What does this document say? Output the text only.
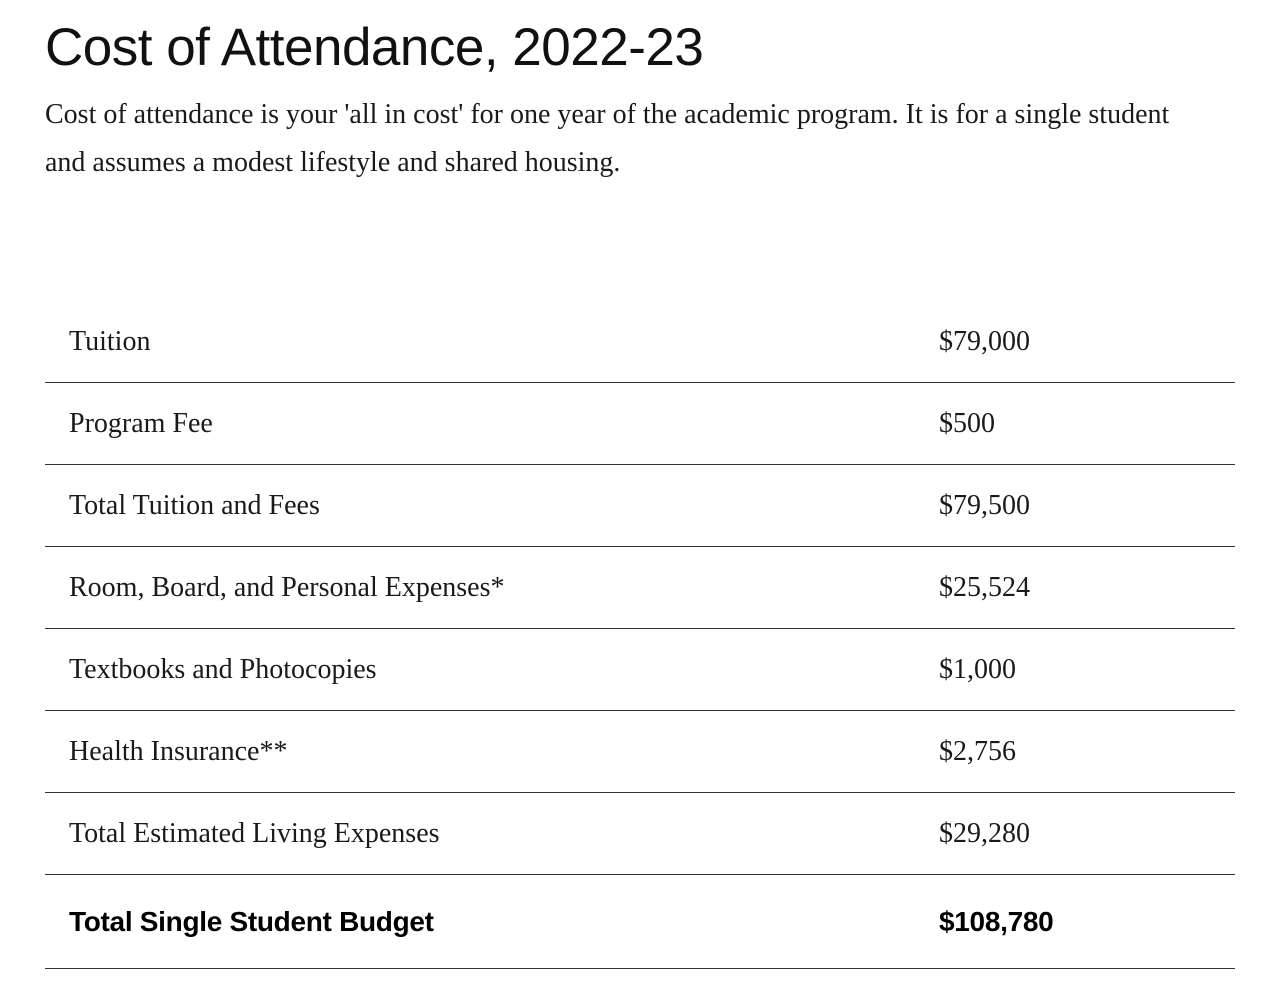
Cost of Attendance, 2022-23

Cost of attendance is your 'all in cost' for one year of the academic program. It is for a single student and assumes a modest lifestyle and shared housing.

Tuition	$79,000
Program Fee	$500
Total Tuition and Fees	$79,500
Room, Board, and Personal Expenses*	$25,524
Textbooks and Photocopies	$1,000
Health Insurance**	$2,756
Total Estimated Living Expenses	$29,280
Total Single Student Budget	$108,780
